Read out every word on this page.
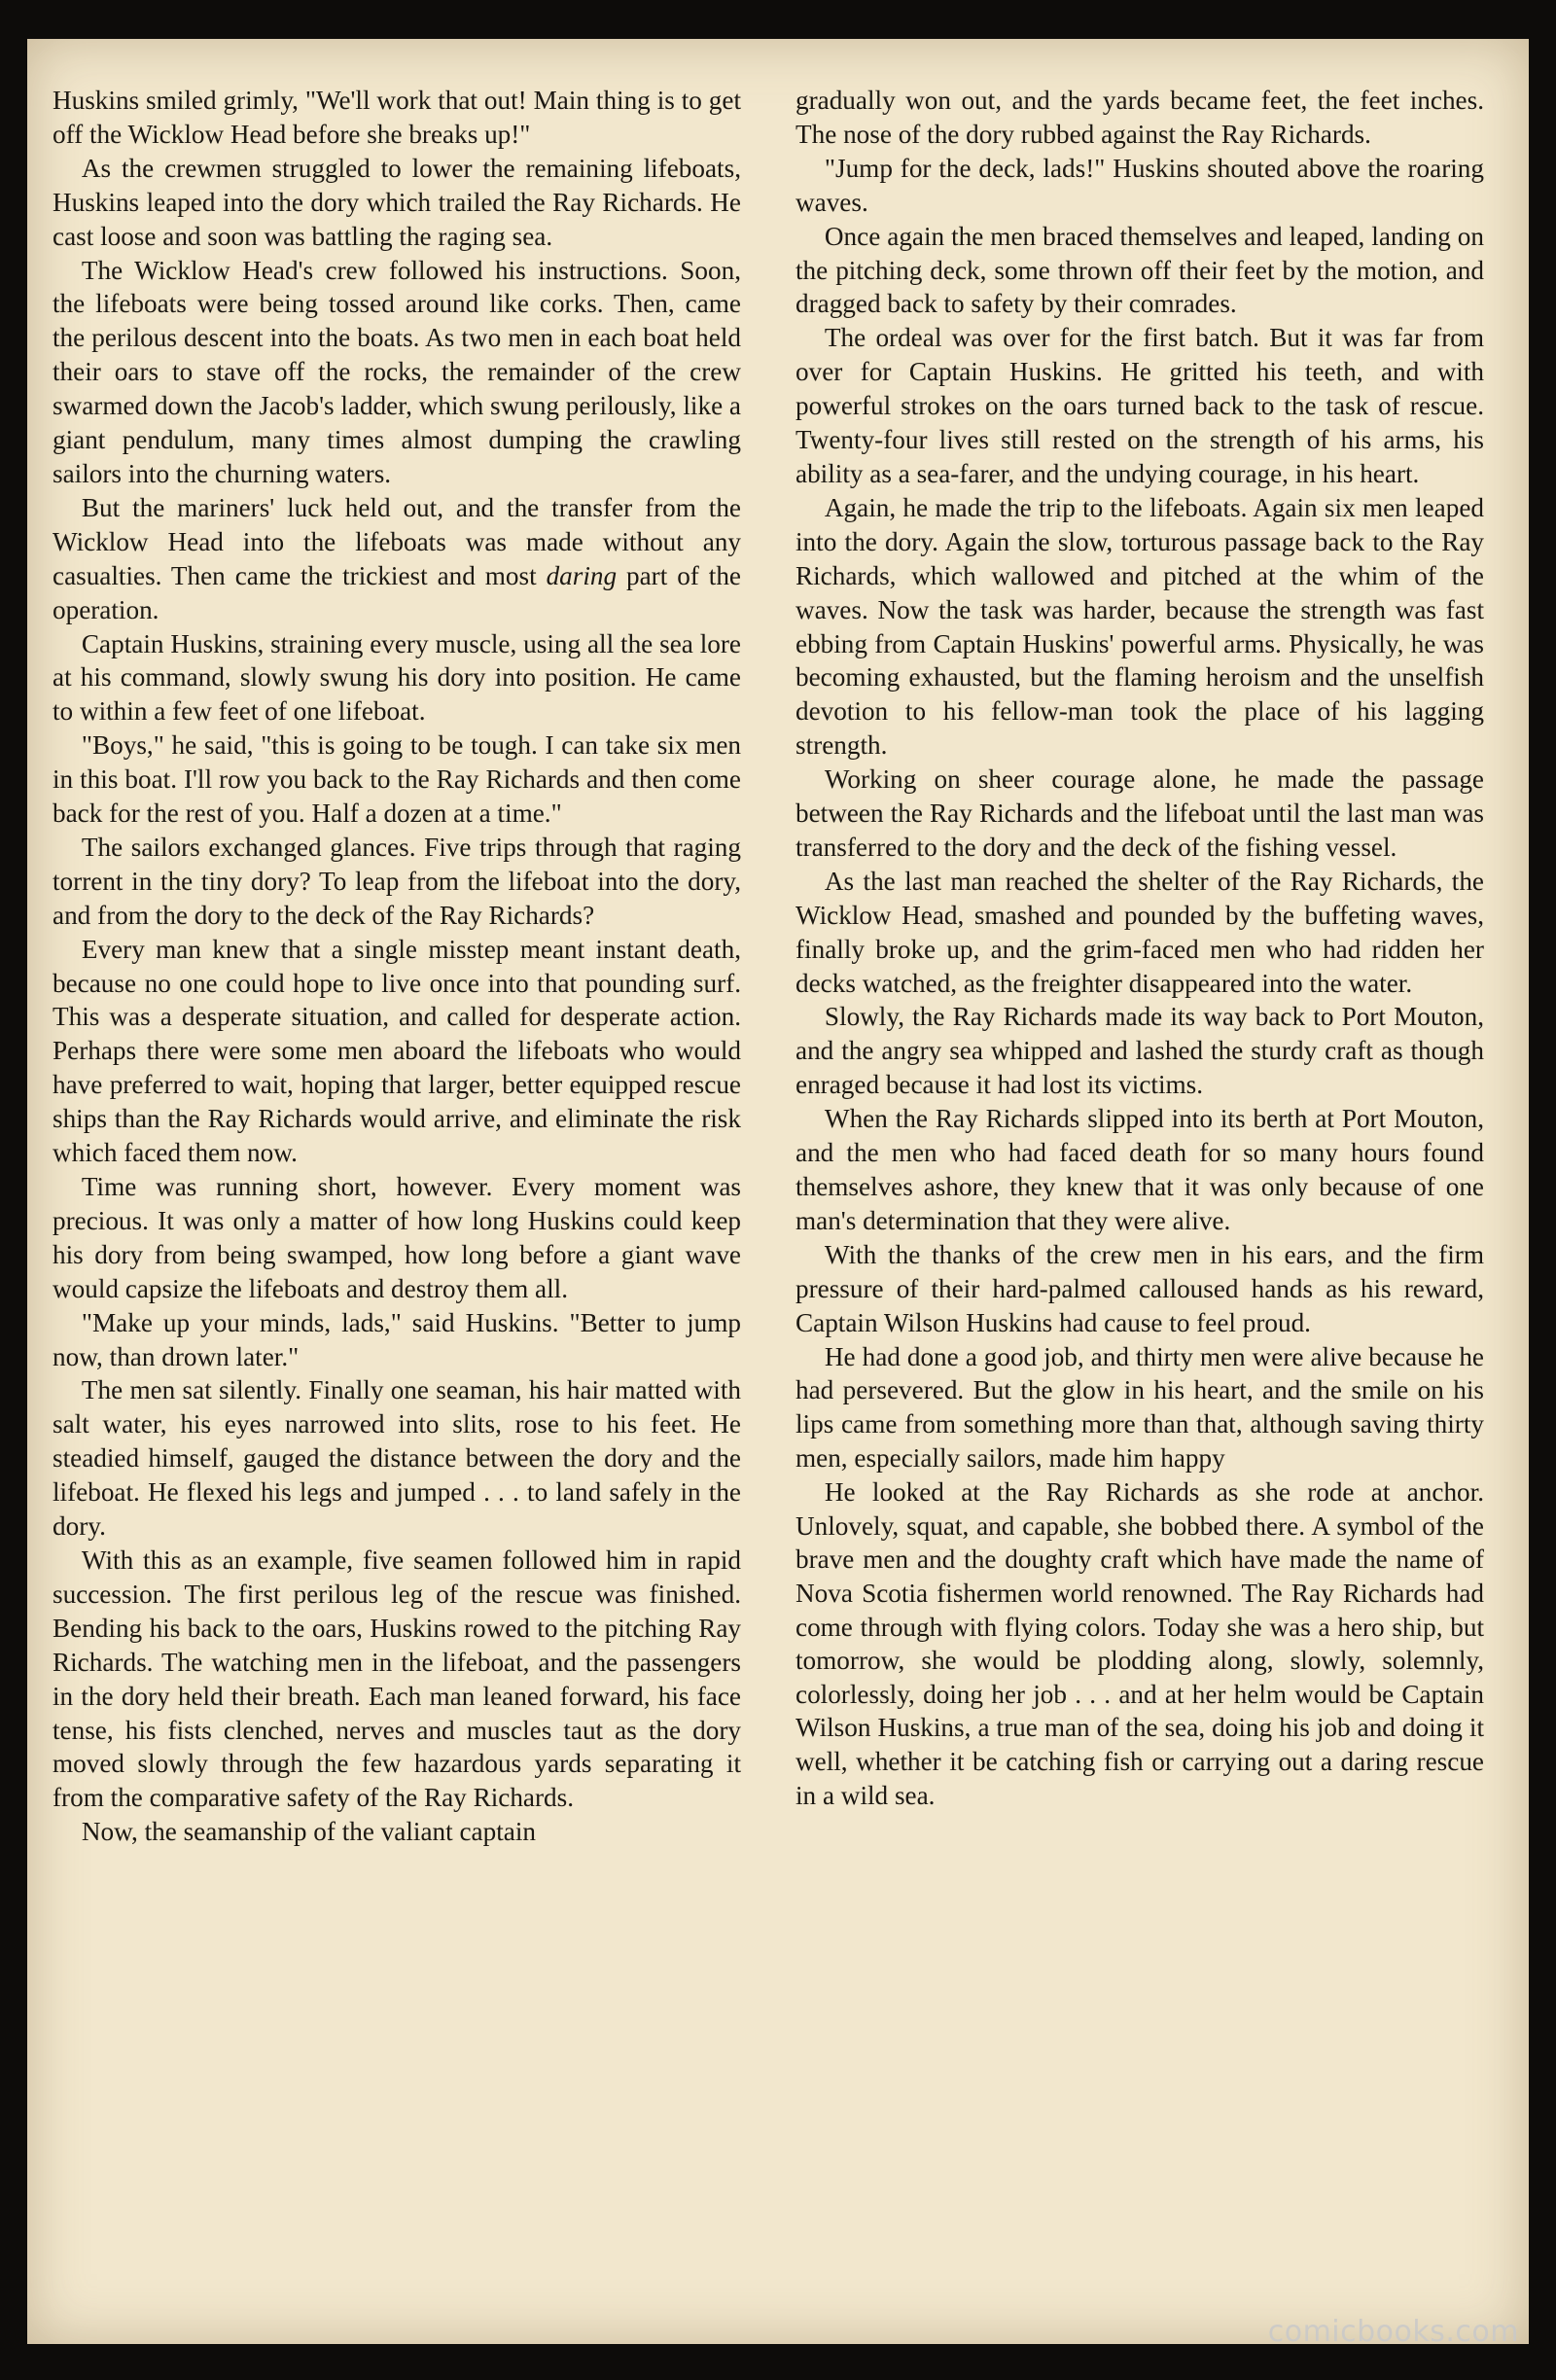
Huskins smiled grimly, "We'll work that out! Main thing is to get off the Wicklow Head before she breaks up!"

As the crewmen struggled to lower the remaining lifeboats, Huskins leaped into the dory which trailed the Ray Richards. He cast loose and soon was battling the raging sea.

The Wicklow Head's crew followed his instructions. Soon, the lifeboats were being tossed around like corks. Then, came the perilous descent into the boats. As two men in each boat held their oars to stave off the rocks, the remainder of the crew swarmed down the Jacob's ladder, which swung perilously, like a giant pendulum, many times almost dumping the crawling sailors into the churning waters.

But the mariners' luck held out, and the transfer from the Wicklow Head into the lifeboats was made without any casualties. Then came the trickiest and most daring part of the operation.

Captain Huskins, straining every muscle, using all the sea lore at his command, slowly swung his dory into position. He came to within a few feet of one lifeboat.

"Boys," he said, "this is going to be tough. I can take six men in this boat. I'll row you back to the Ray Richards and then come back for the rest of you. Half a dozen at a time."

The sailors exchanged glances. Five trips through that raging torrent in the tiny dory? To leap from the lifeboat into the dory, and from the dory to the deck of the Ray Richards?

Every man knew that a single misstep meant instant death, because no one could hope to live once into that pounding surf. This was a desperate situation, and called for desperate action. Perhaps there were some men aboard the lifeboats who would have preferred to wait, hoping that larger, better equipped rescue ships than the Ray Richards would arrive, and eliminate the risk which faced them now.

Time was running short, however. Every moment was precious. It was only a matter of how long Huskins could keep his dory from being swamped, how long before a giant wave would capsize the lifeboats and destroy them all.

"Make up your minds, lads," said Huskins. "Better to jump now, than drown later."

The men sat silently. Finally one seaman, his hair matted with salt water, his eyes narrowed into slits, rose to his feet. He steadied himself, gauged the distance between the dory and the lifeboat. He flexed his legs and jumped . . . to land safely in the dory.

With this as an example, five seamen followed him in rapid succession. The first perilous leg of the rescue was finished. Bending his back to the oars, Huskins rowed to the pitching Ray Richards. The watching men in the lifeboat, and the passengers in the dory held their breath. Each man leaned forward, his face tense, his fists clenched, nerves and muscles taut as the dory moved slowly through the few hazardous yards separating it from the comparative safety of the Ray Richards.

Now, the seamanship of the valiant captain

gradually won out, and the yards became feet, the feet inches. The nose of the dory rubbed against the Ray Richards.

"Jump for the deck, lads!" Huskins shouted above the roaring waves.

Once again the men braced themselves and leaped, landing on the pitching deck, some thrown off their feet by the motion, and dragged back to safety by their comrades.

The ordeal was over for the first batch. But it was far from over for Captain Huskins. He gritted his teeth, and with powerful strokes on the oars turned back to the task of rescue. Twenty-four lives still rested on the strength of his arms, his ability as a sea-farer, and the undying courage, in his heart.

Again, he made the trip to the lifeboats. Again six men leaped into the dory. Again the slow, torturous passage back to the Ray Richards, which wallowed and pitched at the whim of the waves. Now the task was harder, because the strength was fast ebbing from Captain Huskins' powerful arms. Physically, he was becoming exhausted, but the flaming heroism and the unselfish devotion to his fellow-man took the place of his lagging strength.

Working on sheer courage alone, he made the passage between the Ray Richards and the lifeboat until the last man was transferred to the dory and the deck of the fishing vessel.

As the last man reached the shelter of the Ray Richards, the Wicklow Head, smashed and pounded by the buffeting waves, finally broke up, and the grim-faced men who had ridden her decks watched, as the freighter disappeared into the water.

Slowly, the Ray Richards made its way back to Port Mouton, and the angry sea whipped and lashed the sturdy craft as though enraged because it had lost its victims.

When the Ray Richards slipped into its berth at Port Mouton, and the men who had faced death for so many hours found themselves ashore, they knew that it was only because of one man's determination that they were alive.

With the thanks of the crew men in his ears, and the firm pressure of their hard-palmed calloused hands as his reward, Captain Wilson Huskins had cause to feel proud.

He had done a good job, and thirty men were alive because he had persevered. But the glow in his heart, and the smile on his lips came from something more than that, although saving thirty men, especially sailors, made him happy

He looked at the Ray Richards as she rode at anchor. Unlovely, squat, and capable, she bobbed there. A symbol of the brave men and the doughty craft which have made the name of Nova Scotia fishermen world renowned. The Ray Richards had come through with flying colors. Today she was a hero ship, but tomorrow, she would be plodding along, slowly, solemnly, colorlessly, doing her job . . . and at her helm would be Captain Wilson Huskins, a true man of the sea, doing his job and doing it well, whether it be catching fish or carrying out a daring rescue in a wild sea.

comicbooks.com
